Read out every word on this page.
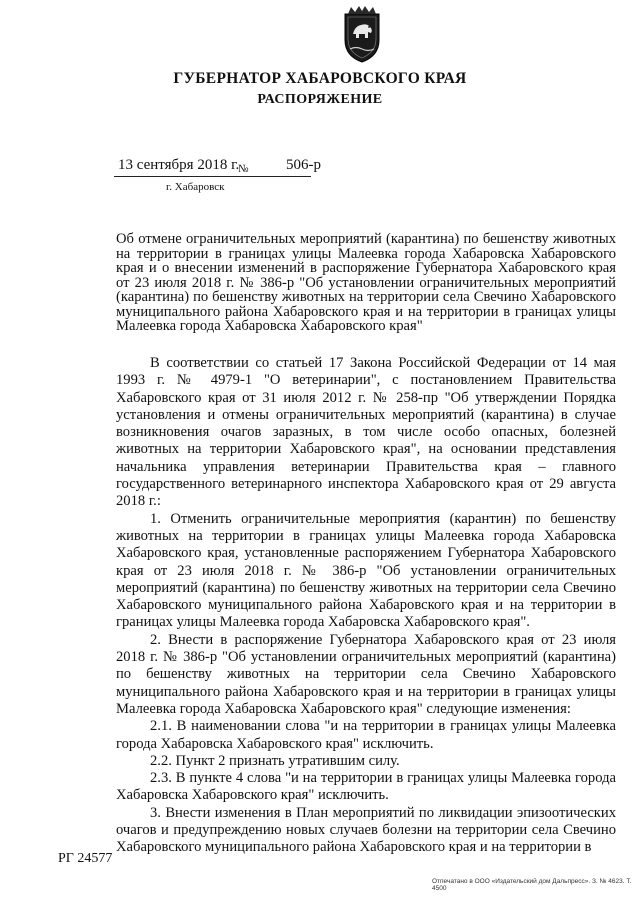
ГУБЕРНАТОР ХАБАРОВСКОГО КРАЯ
РАСПОРЯЖЕНИЕ
13 сентября 2018 г.
№	506-р
г. Хабаровск
Об отмене ограничительных мероприятий (карантина) по бешенству животных на территории в границах улицы Малеевка города Хабаровска Хабаровского края и о внесении изменений в распоряжение Губернатора Хабаровского края от 23 июля 2018 г. № 386-р "Об установлении ограничительных мероприятий (карантина) по бешенству животных на территории села Свечино Хабаровского муниципального района Хабаровского края и на территории в границах улицы Малеевка города Хабаровска Хабаровского края"

В соответствии со статьей 17 Закона Российской Федерации от 14 мая 1993 г. № 4979-1 "О ветеринарии", с постановлением Правительства Хабаровского края от 31 июля 2012 г. № 258-пр "Об утверждении Порядка установления и отмены ограничительных мероприятий (карантина) в случае возникновения очагов заразных, в том числе особо опасных, болезней животных на территории Хабаровского края", на основании представления начальника управления ветеринарии Правительства края – главного государственного ветеринарного инспектора Хабаровского края от 29 августа 2018 г.:

1. Отменить ограничительные мероприятия (карантин) по бешенству животных на территории в границах улицы Малеевка города Хабаровска Хабаровского края, установленные распоряжением Губернатора Хабаровского края от 23 июля 2018 г. № 386-р "Об установлении ограничительных мероприятий (карантина) по бешенству животных на территории села Свечино Хабаровского муниципального района Хабаровского края и на территории в границах улицы Малеевка города Хабаровска Хабаровского края".

2. Внести в распоряжение Губернатора Хабаровского края от 23 июля 2018 г. № 386-р "Об установлении ограничительных мероприятий (карантина) по бешенству животных на территории села Свечино Хабаровского муниципального района Хабаровского края и на территории в границах улицы Малеевка города Хабаровска Хабаровского края" следующие изменения:

2.1. В наименовании слова "и на территории в границах улицы Малеевка города Хабаровска Хабаровского края" исключить.

2.2. Пункт 2 признать утратившим силу.

2.3. В пункте 4 слова "и на территории в границах улицы Малеевка города Хабаровска Хабаровского края" исключить.

3. Внести изменения в План мероприятий по ликвидации эпизоотических очагов и предупреждению новых случаев болезни на территории села Свечино Хабаровского муниципального района Хабаровского края и на территории в

РГ 24577
Отпечатано в ООО «Издательский дом Дальпресс». З. № 4623. Т. 4500
